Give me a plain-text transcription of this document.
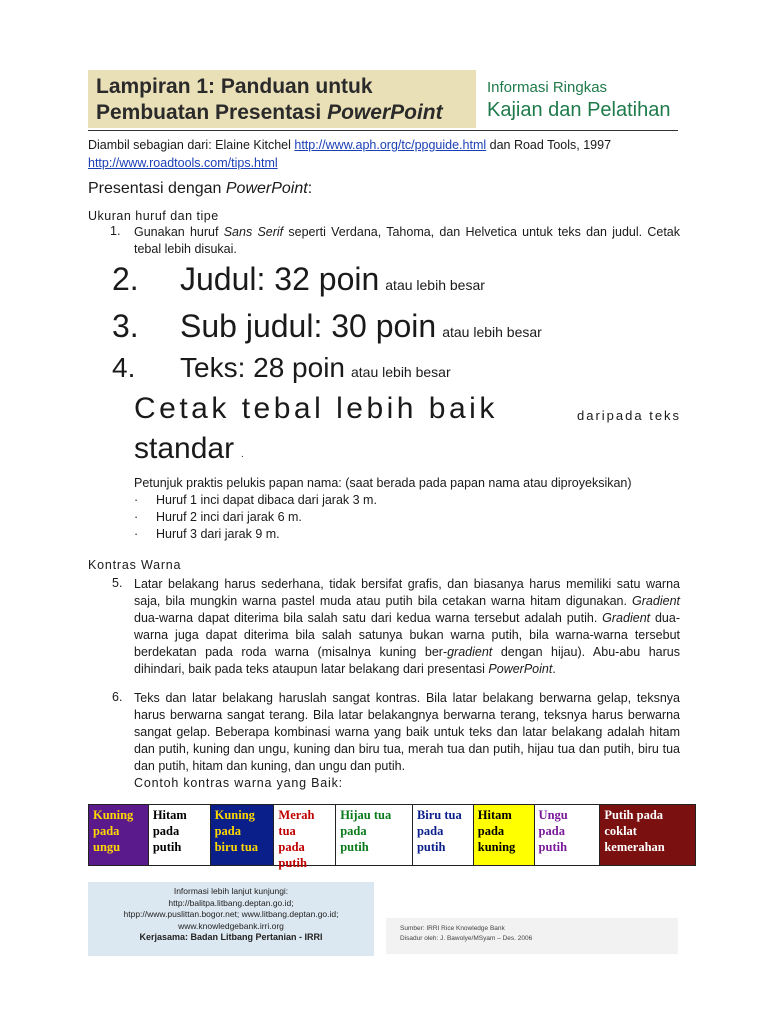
Lampiran 1: Panduan untuk
Pembuatan Presentasi PowerPoint
Informasi Ringkas
Kajian dan Pelatihan
Diambil sebagian dari: Elaine Kitchel http://www.aph.org/tc/ppguide.html dan Road Tools, 1997
http://www.roadtools.com/tips.html
Presentasi dengan PowerPoint:
Ukuran huruf dan tipe
1. Gunakan huruf Sans Serif seperti Verdana, Tahoma, dan Helvetica untuk teks dan judul. Cetak tebal lebih disukai.
2. Judul: 32 poin atau lebih besar
3. Sub judul: 30 poin atau lebih besar
4. Teks: 28 poin atau lebih besar
Cetak tebal lebih baik	daripada teks
standar .
Petunjuk praktis pelukis papan nama: (saat berada pada papan nama atau diproyeksikan)
· Huruf 1 inci dapat dibaca dari jarak 3 m.
· Huruf 2 inci dari jarak 6 m.
· Huruf 3 dari jarak 9 m.
Kontras Warna
5. Latar belakang harus sederhana, tidak bersifat grafis, dan biasanya harus memiliki satu warna saja, bila mungkin warna pastel muda atau putih bila cetakan warna hitam digunakan. Gradient dua-warna dapat diterima bila salah satu dari kedua warna tersebut adalah putih. Gradient dua-warna juga dapat diterima bila salah satunya bukan warna putih, bila warna-warna tersebut berdekatan pada roda warna (misalnya kuning ber-gradient dengan hijau). Abu-abu harus dihindari, baik pada teks ataupun latar belakang dari presentasi PowerPoint.
6. Teks dan latar belakang haruslah sangat kontras. Bila latar belakang berwarna gelap, teksnya harus berwarna sangat terang. Bila latar belakangnya berwarna terang, teksnya harus berwarna sangat gelap. Beberapa kombinasi warna yang baik untuk teks dan latar belakang adalah hitam dan putih, kuning dan ungu, kuning dan biru tua, merah tua dan putih, hijau tua dan putih, biru tua dan putih, hitam dan kuning, dan ungu dan putih.
Contoh kontras warna yang Baik:
Kuning
pada
ungu
Hitam
pada
putih
Kuning
pada
biru tua
Merah
tua
pada
putih
Hijau tua
pada
putih
Biru tua
pada
putih
Hitam
pada
kuning
Ungu
pada
putih
Putih pada
coklat
kemerahan
Informasi lebih lanjut kunjungi:
http://balitpa.litbang.deptan.go.id;
htpp://www.puslittan.bogor.net; www.litbang.deptan.go.id;
www.knowledgebank.irri.org
Kerjasama: Badan Litbang Pertanian - IRRI
Sumber: IRRI Rice Knowledge Bank
Disadur oleh: J. Bawolye/MSyam – Des. 2006
